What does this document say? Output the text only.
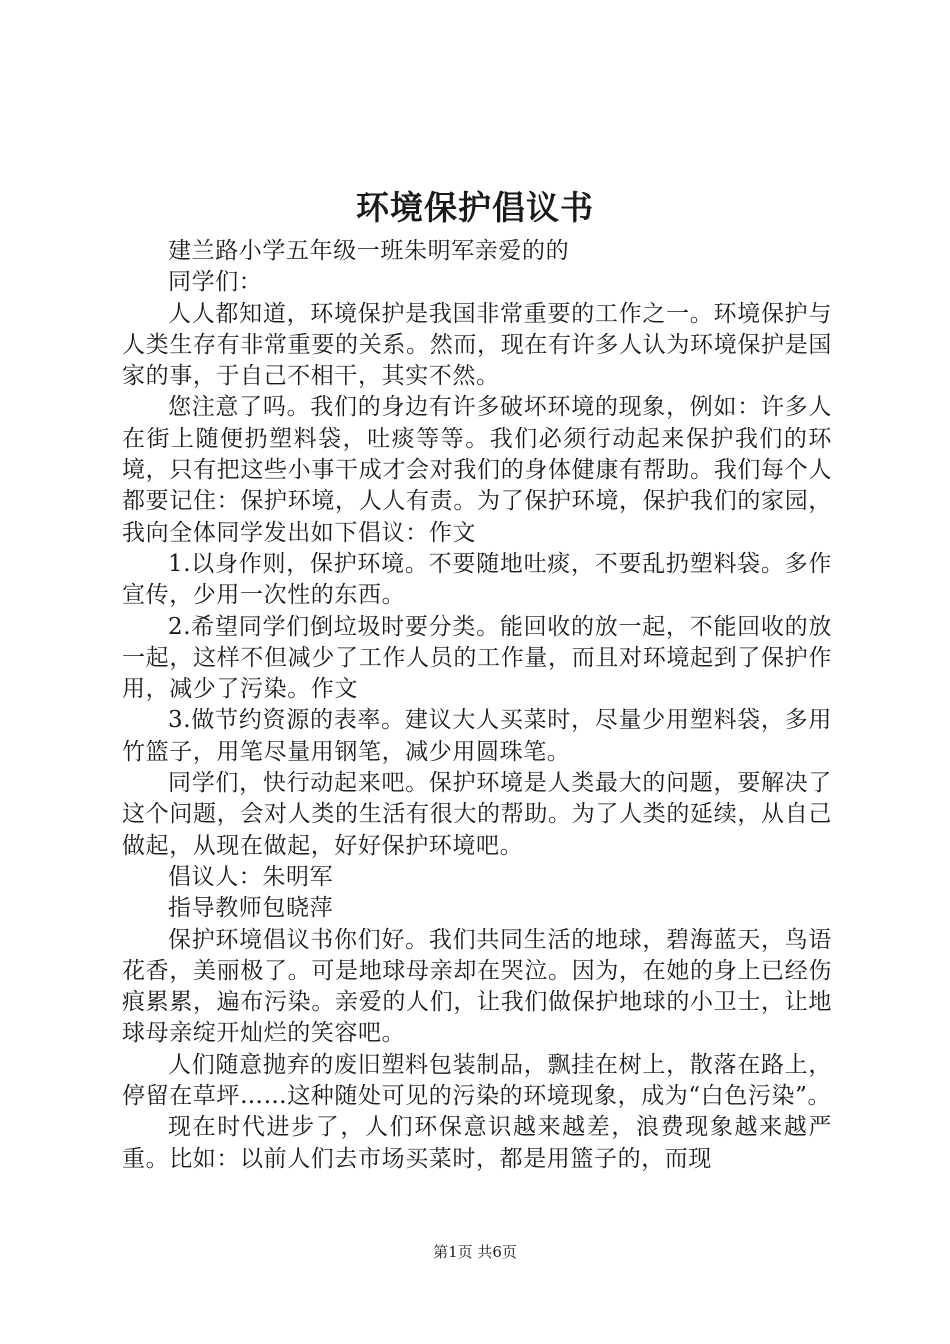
环境保护倡议书

建兰路小学五年级一班朱明军亲爱的的

同学们：

人人都知道，环境保护是我国非常重要的工作之一。环境保护与人类生存有非常重要的关系。然而，现在有许多人认为环境保护是国家的事，于自己不相干，其实不然。

您注意了吗。我们的身边有许多破坏环境的现象，例如：许多人在街上随便扔塑料袋，吐痰等等。我们必须行动起来保护我们的环境，只有把这些小事干成才会对我们的身体健康有帮助。我们每个人都要记住：保护环境，人人有责。为了保护环境，保护我们的家园，我向全体同学发出如下倡议：作文

1.以身作则，保护环境。不要随地吐痰，不要乱扔塑料袋。多作宣传，少用一次性的东西。

2.希望同学们倒垃圾时要分类。能回收的放一起，不能回收的放一起，这样不但减少了工作人员的工作量，而且对环境起到了保护作用，减少了污染。作文

3.做节约资源的表率。建议大人买菜时，尽量少用塑料袋，多用竹篮子，用笔尽量用钢笔，减少用圆珠笔。

同学们，快行动起来吧。保护环境是人类最大的问题，要解决了这个问题，会对人类的生活有很大的帮助。为了人类的延续，从自己做起，从现在做起，好好保护环境吧。

倡议人：朱明军

指导教师包晓萍

保护环境倡议书你们好。我们共同生活的地球，碧海蓝天，鸟语花香，美丽极了。可是地球母亲却在哭泣。因为，在她的身上已经伤痕累累，遍布污染。亲爱的人们，让我们做保护地球的小卫士，让地球母亲绽开灿烂的笑容吧。

人们随意抛弃的废旧塑料包装制品，飘挂在树上，散落在路上，停留在草坪……这种随处可见的污染的环境现象，成为“白色污染”。

现在时代进步了，人们环保意识越来越差，浪费现象越来越严重。比如：以前人们去市场买菜时，都是用篮子的，而现

第1页 共6页
